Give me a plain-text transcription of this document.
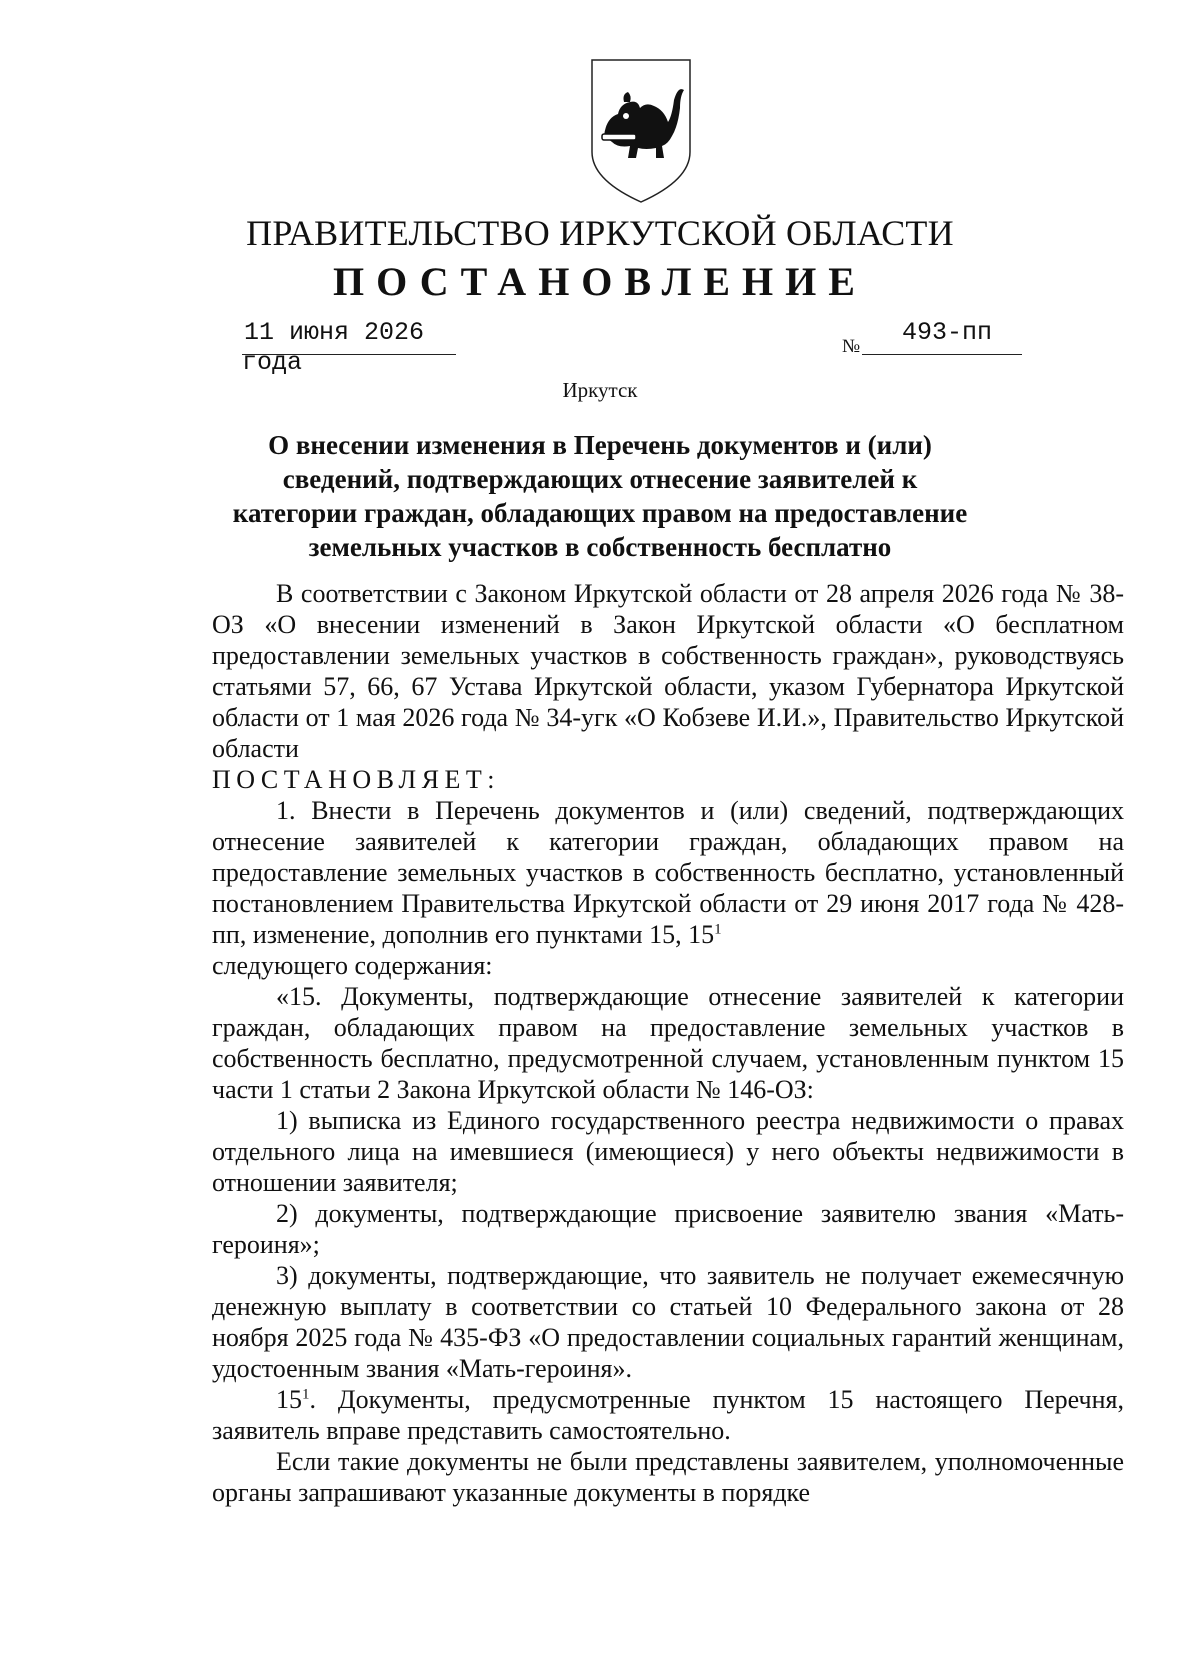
ПРАВИТЕЛЬСТВО ИРКУТСКОЙ ОБЛАСТИ
ПОСТАНОВЛЕНИЕ
11 июня 2026 года
№	493-пп
Иркутск
О внесении изменения в Перечень документов и (или) сведений, подтверждающих отнесение заявителей к категории граждан, обладающих правом на предоставление земельных участков в собственность бесплатно

В соответствии с Законом Иркутской области от 28 апреля 2026 года № 38-ОЗ «О внесении изменений в Закон Иркутской области «О бесплатном предоставлении земельных участков в собственность граждан», руководствуясь статьями 57, 66, 67 Устава Иркутской области, указом Губернатора Иркутской области от 1 мая 2026 года № 34-угк «О Кобзеве И.И.», Правительство Иркутской области

ПОСТАНОВЛЯЕТ:

1. Внести в Перечень документов и (или) сведений, подтверждающих отнесение заявителей к категории граждан, обладающих правом на предоставление земельных участков в собственность бесплатно, установленный постановлением Правительства Иркутской области от 29 июня 2017 года № 428-пп, изменение, дополнив его пунктами 15, $15^1$
следующего содержания:

«15. Документы, подтверждающие отнесение заявителей к категории граждан, обладающих правом на предоставление земельных участков в собственность бесплатно, предусмотренной случаем, установленным пунктом 15 части 1 статьи 2 Закона Иркутской области № 146-ОЗ:

1) выписка из Единого государственного реестра недвижимости о правах отдельного лица на имевшиеся (имеющиеся) у него объекты недвижимости в отношении заявителя;

2) документы, подтверждающие присвоение заявителю звания «Мать-героиня»;

3) документы, подтверждающие, что заявитель не получает ежемесячную денежную выплату в соответствии со статьей 10 Федерального закона от 28 ноября 2025 года № 435-ФЗ «О предоставлении социальных гарантий женщинам, удостоенным звания «Мать-героиня».

$15^1$. Документы, предусмотренные пунктом 15 настоящего Перечня, заявитель вправе представить самостоятельно.

Если такие документы не были представлены заявителем, уполномоченные органы запрашивают указанные документы в порядке
